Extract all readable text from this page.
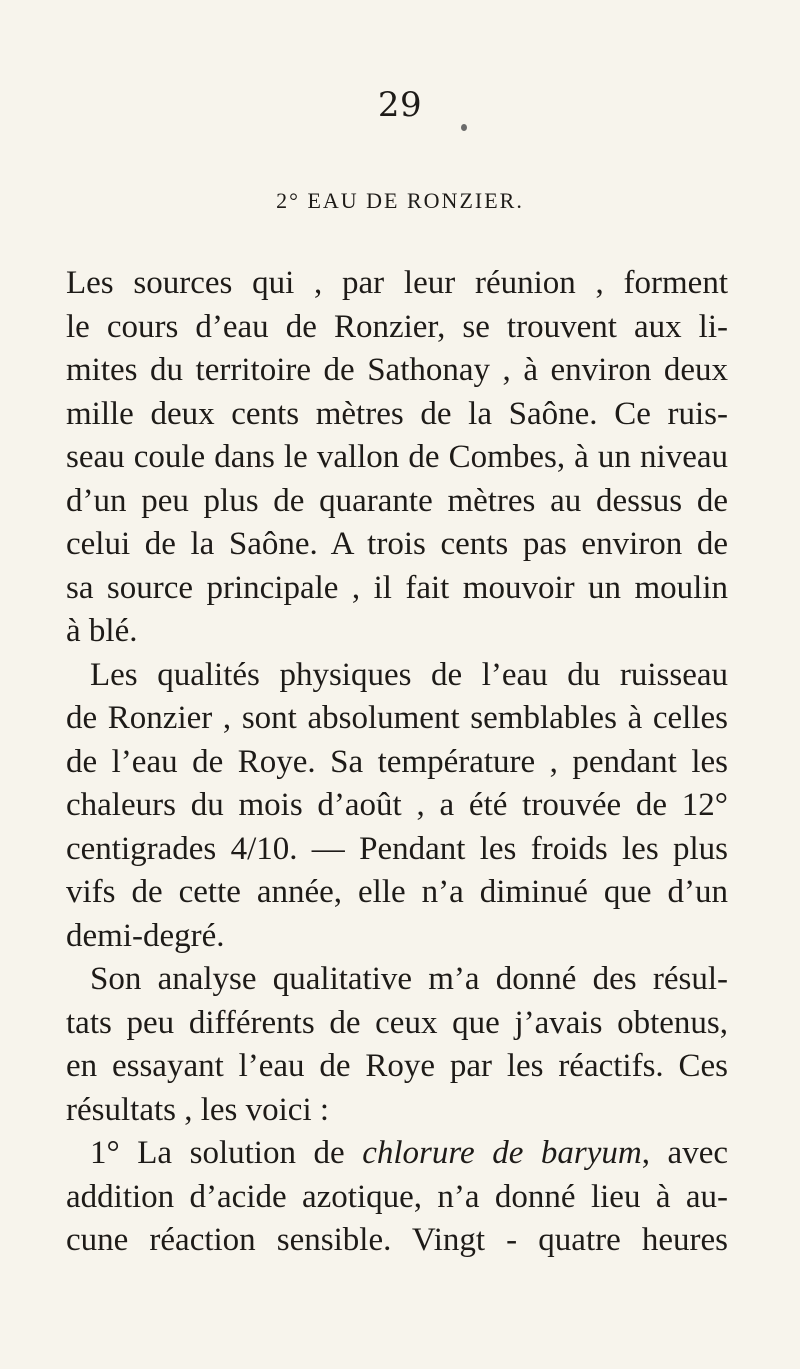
29
2° EAU DE RONZIER.

Les sources qui , par leur réunion , forment
le cours d’eau de Ronzier, se trouvent aux li-
mites du territoire de Sathonay , à environ deux
mille deux cents mètres de la Saône. Ce ruis-
seau coule dans le vallon de Combes, à un niveau
d’un peu plus de quarante mètres au dessus de
celui de la Saône. A trois cents pas environ de
sa source principale , il fait mouvoir un moulin
à blé.

Les qualités physiques de l’eau du ruisseau
de Ronzier , sont absolument semblables à celles
de l’eau de Roye. Sa température , pendant les
chaleurs du mois d’août , a été trouvée de 12°
centigrades 4/10. — Pendant les froids les plus
vifs de cette année, elle n’a diminué que d’un
demi-degré.

Son analyse qualitative m’a donné des résul-
tats peu différents de ceux que j’avais obtenus,
en essayant l’eau de Roye par les réactifs. Ces
résultats , les voici :

1° La solution de chlorure de baryum, avec
addition d’acide azotique, n’a donné lieu à au-
cune réaction sensible. Vingt - quatre heures
